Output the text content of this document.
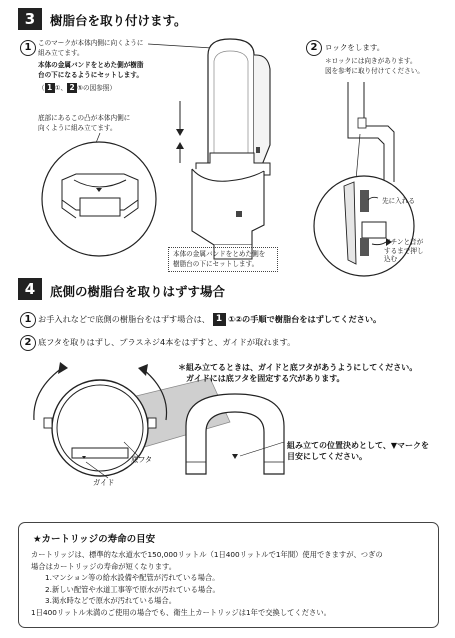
3	樹脂台を取り付けます。
1 このマークが本体内側に向くように
組み立てます。
本体の金属バンドをとめた側が樹脂
台の下になるようにセットします。
（ 1 ①、 2 ⑤の図参照）
底部にあるこの凸が本体内側に
向くように組み立てます。
本体の金属バンドをとめた側を
樹脂台の下にセットします。
2	ロックをします。
＊ロックには向きがあります。
図を参考に取り付けてください。
先に入れる
パチンと音が
するまで押し
込む
4	底側の樹脂台を取りはずす場合
1 お手入れなどで底側の樹脂台をはずす場合は、 1 ①②の手順で樹脂台をはずしてください。
2 底フタを取りはずし、プラスネジ4本をはずすと、ガイドが取れます。
底フタ
ガイド
＊組み立てるときは、ガイドと底フタがあうようにしてください。
ガイドには底フタを固定する穴があります。
組み立ての位置決めとして、▼マークを
目安にしてください。
★カートリッジの寿命の目安
カートリッジは、標準的な水道水で150,000リットル（1日400リットルで1年間）使用できますが、つぎの
場合はカートリッジの寿命が短くなります。
1.マンション等の給水設備や配管が汚れている場合。
2.新しい配管や水道工事等で原水が汚れている場合。
3.渇水時などで原水が汚れている場合。
1日400リットル未満のご使用の場合でも、衛生上カートリッジは1年で交換してください。
